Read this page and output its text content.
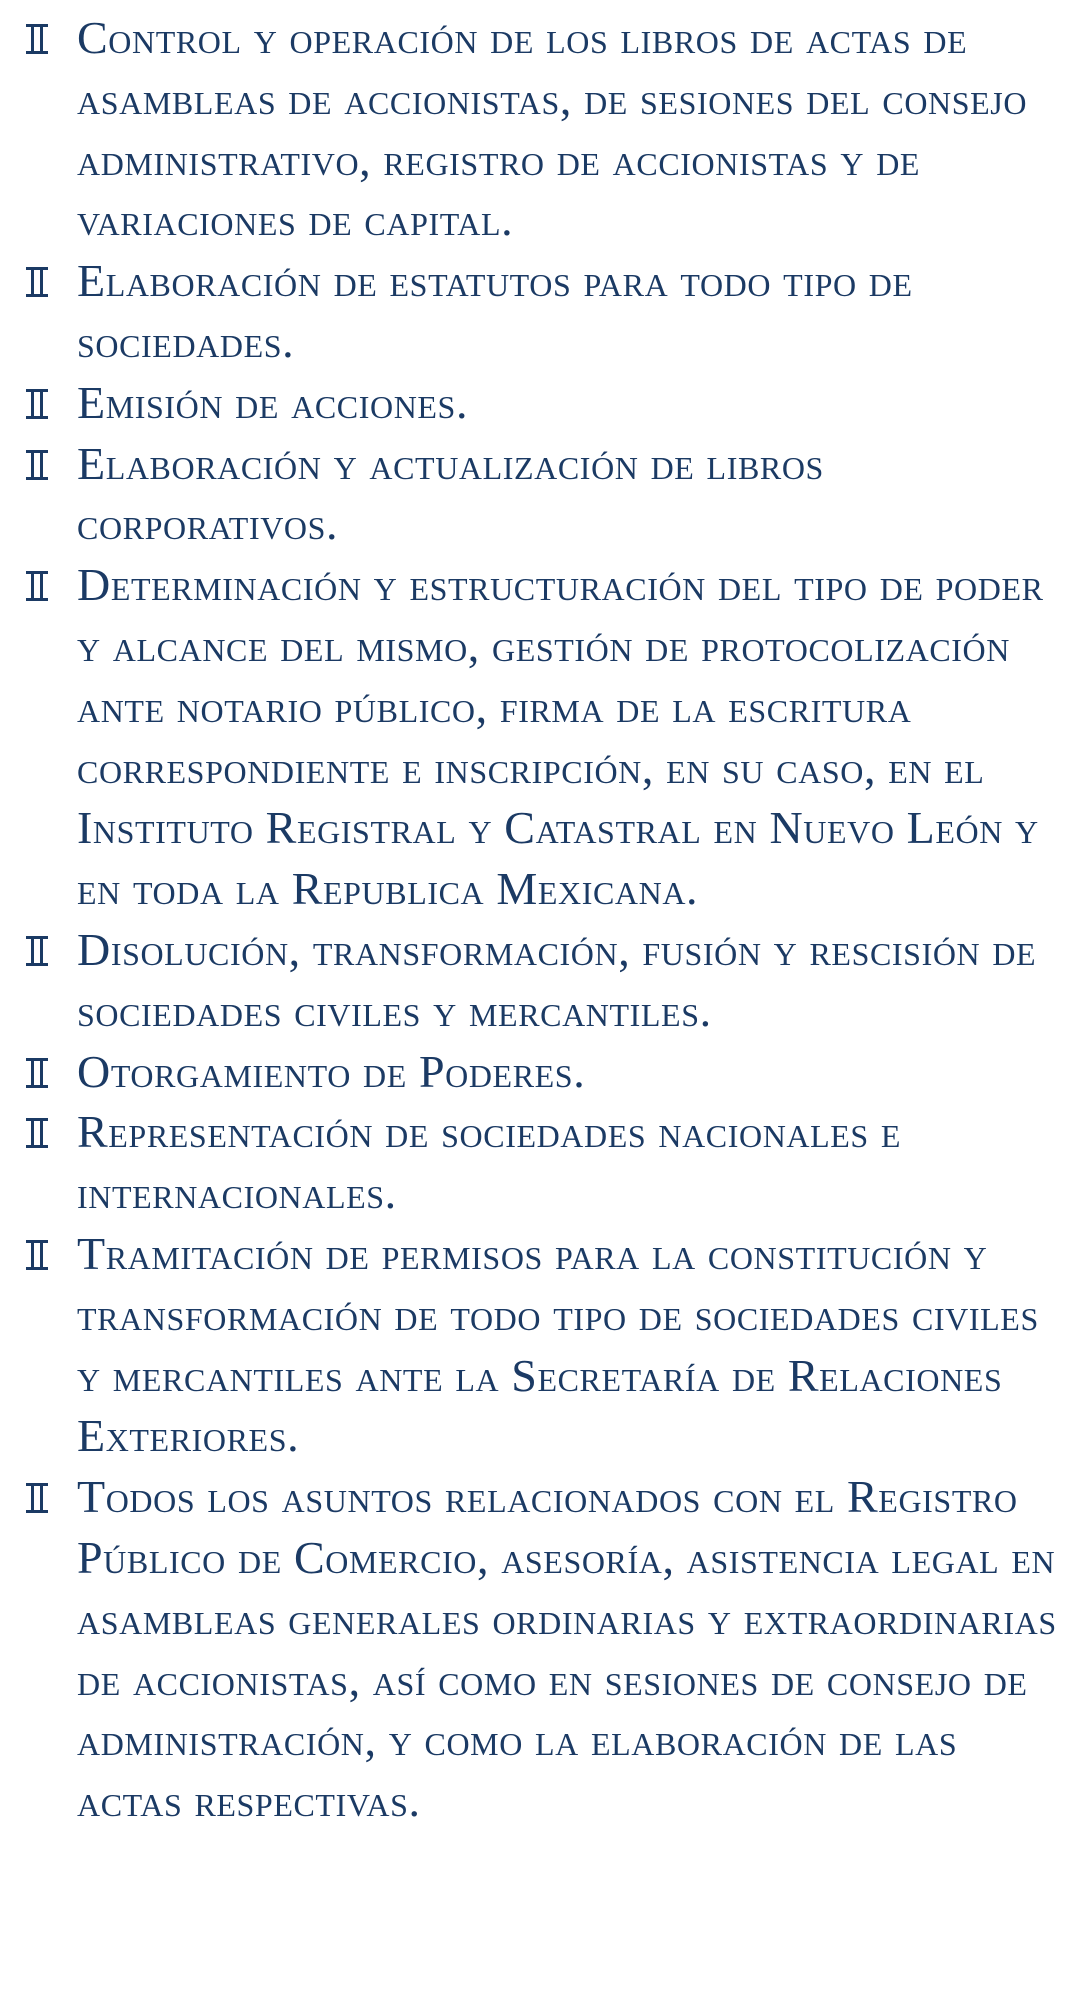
Control y operación de los libros de actas de asambleas de accionistas, de sesiones del consejo administrativo, registro de accionistas y de variaciones de capital.
Elaboración de estatutos para todo tipo de sociedades.
Emisión de acciones.
Elaboración y actualización de libros corporativos.
Determinación y estructuración del tipo de poder y alcance del mismo, gestión de protocolización ante notario público, firma de la escritura correspondiente e inscripción, en su caso, en el Instituto Registral y Catastral en Nuevo León y en toda la Republica Mexicana.
Disolución, transformación, fusión y rescisión de sociedades civiles y mercantiles.
Otorgamiento de Poderes.
Representación de sociedades nacionales e internacionales.
Tramitación de permisos para la constitución y transformación de todo tipo de sociedades civiles y mercantiles ante la Secretaría de Relaciones Exteriores.
Todos los asuntos relacionados con el Registro Público de Comercio, asesoría, asistencia legal en asambleas generales ordinarias y extraordinarias de accionistas, así como en sesiones de consejo de administración, y como la elaboración de las actas respectivas.
